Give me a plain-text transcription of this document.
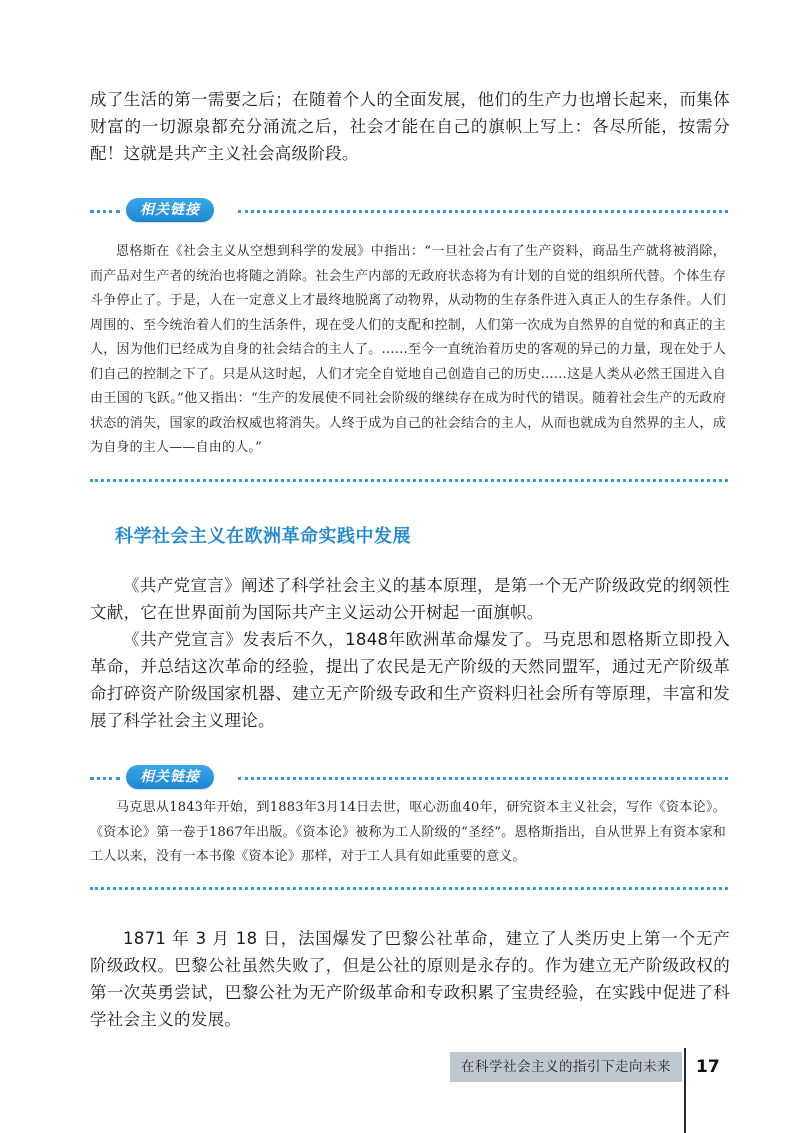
成了生活的第一需要之后；在随着个人的全面发展，他们的生产力也增长起来，而集体财富的一切源泉都充分涌流之后，社会才能在自己的旗帜上写上：各尽所能，按需分配！这就是共产主义社会高级阶段。

相关链接

恩格斯在《社会主义从空想到科学的发展》中指出：“一旦社会占有了生产资料，商品生产就将被消除，而产品对生产者的统治也将随之消除。社会生产内部的无政府状态将为有计划的自觉的组织所代替。个体生存斗争停止了。于是，人在一定意义上才最终地脱离了动物界，从动物的生存条件进入真正人的生存条件。人们周围的、至今统治着人们的生活条件，现在受人们的支配和控制，人们第一次成为自然界的自觉的和真正的主人，因为他们已经成为自身的社会结合的主人了。……至今一直统治着历史的客观的异己的力量，现在处于人们自己的控制之下了。只是从这时起，人们才完全自觉地自己创造自己的历史……这是人类从必然王国进入自由王国的飞跃。”他又指出：“生产的发展使不同社会阶级的继续存在成为时代的错误。随着社会生产的无政府状态的消失，国家的政治权威也将消失。人终于成为自己的社会结合的主人，从而也就成为自然界的主人，成为自身的主人——自由的人。”

科学社会主义在欧洲革命实践中发展

《共产党宣言》阐述了科学社会主义的基本原理，是第一个无产阶级政党的纲领性文献，它在世界面前为国际共产主义运动公开树起一面旗帜。

《共产党宣言》发表后不久，1848年欧洲革命爆发了。马克思和恩格斯立即投入革命，并总结这次革命的经验，提出了农民是无产阶级的天然同盟军，通过无产阶级革命打碎资产阶级国家机器、建立无产阶级专政和生产资料归社会所有等原理，丰富和发展了科学社会主义理论。

相关链接

马克思从1843年开始，到1883年3月14日去世，呕心沥血40年，研究资本主义社会，写作《资本论》。《资本论》第一卷于1867年出版。《资本论》被称为工人阶级的“圣经”。恩格斯指出，自从世界上有资本家和工人以来，没有一本书像《资本论》那样，对于工人具有如此重要的意义。

1871 年 3 月 18 日，法国爆发了巴黎公社革命，建立了人类历史上第一个无产阶级政权。巴黎公社虽然失败了，但是公社的原则是永存的。作为建立无产阶级政权的第一次英勇尝试，巴黎公社为无产阶级革命和专政积累了宝贵经验，在实践中促进了科学社会主义的发展。

在科学社会主义的指引下走向未来	17
